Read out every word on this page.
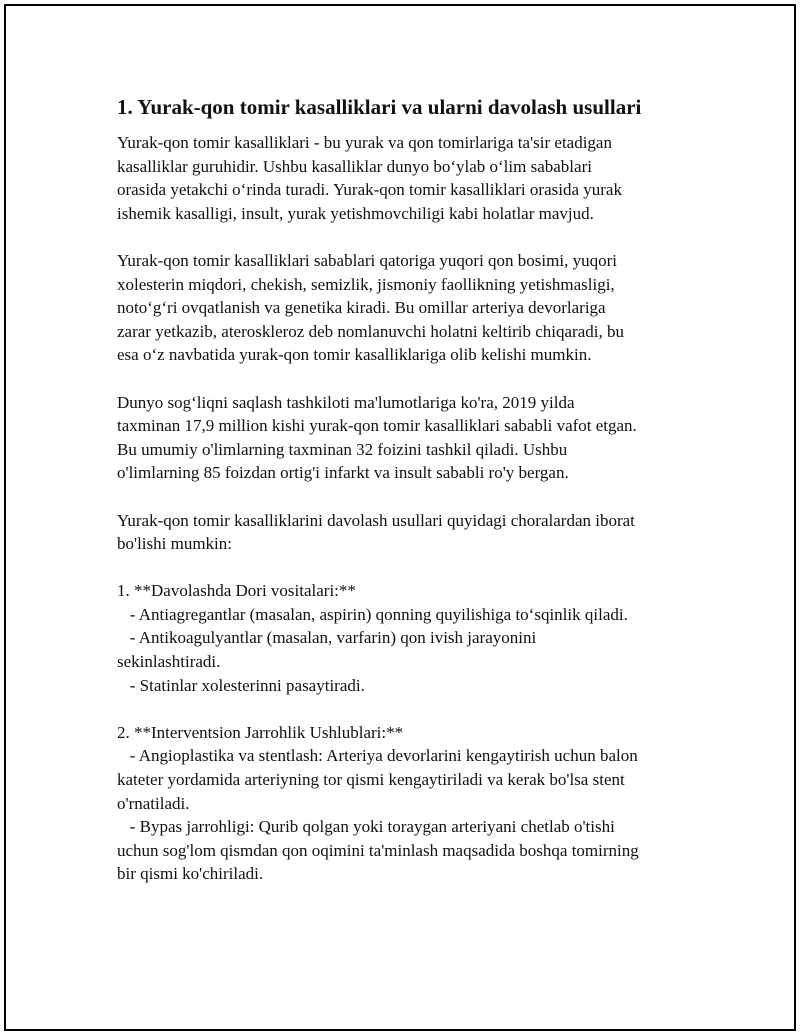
1. Yurak-qon tomir kasalliklari va ularni davolash usullari

Yurak-qon tomir kasalliklari - bu yurak va qon tomirlariga ta'sir etadigan
kasalliklar guruhidir. Ushbu kasalliklar dunyo bo‘ylab o‘lim sabablari
orasida yetakchi o‘rinda turadi. Yurak-qon tomir kasalliklari orasida yurak
ishemik kasalligi, insult, yurak yetishmovchiligi kabi holatlar mavjud.

Yurak-qon tomir kasalliklari sabablari qatoriga yuqori qon bosimi, yuqori
xolesterin miqdori, chekish, semizlik, jismoniy faollikning yetishmasligi,
noto‘g‘ri ovqatlanish va genetika kiradi. Bu omillar arteriya devorlariga
zarar yetkazib, ateroskleroz deb nomlanuvchi holatni keltirib chiqaradi, bu
esa o‘z navbatida yurak-qon tomir kasalliklariga olib kelishi mumkin.

Dunyo sog‘liqni saqlash tashkiloti ma'lumotlariga ko'ra, 2019 yilda
taxminan 17,9 million kishi yurak-qon tomir kasalliklari sababli vafot etgan.
Bu umumiy o'limlarning taxminan 32 foizini tashkil qiladi. Ushbu
o'limlarning 85 foizdan ortig'i infarkt va insult sababli ro'y bergan.

Yurak-qon tomir kasalliklarini davolash usullari quyidagi choralardan iborat
bo'lishi mumkin:

1. **Davolashda Dori vositalari:**

- Antiagregantlar (masalan, aspirin) qonning quyilishiga to‘sqinlik qiladi.

- Antikoagulyantlar (masalan, varfarin) qon ivish jarayonini
sekinlashtiradi.

- Statinlar xolesterinni pasaytiradi.

2. **Interventsion Jarrohlik Ushlublari:**

- Angioplastika va stentlash: Arteriya devorlarini kengaytirish uchun balon
kateter yordamida arteriyning tor qismi kengaytiriladi va kerak bo'lsa stent
o'rnatiladi.

- Bypas jarrohligi: Qurib qolgan yoki toraygan arteriyani chetlab o'tishi
uchun sog'lom qismdan qon oqimini ta'minlash maqsadida boshqa tomirning
bir qismi ko'chiriladi.
